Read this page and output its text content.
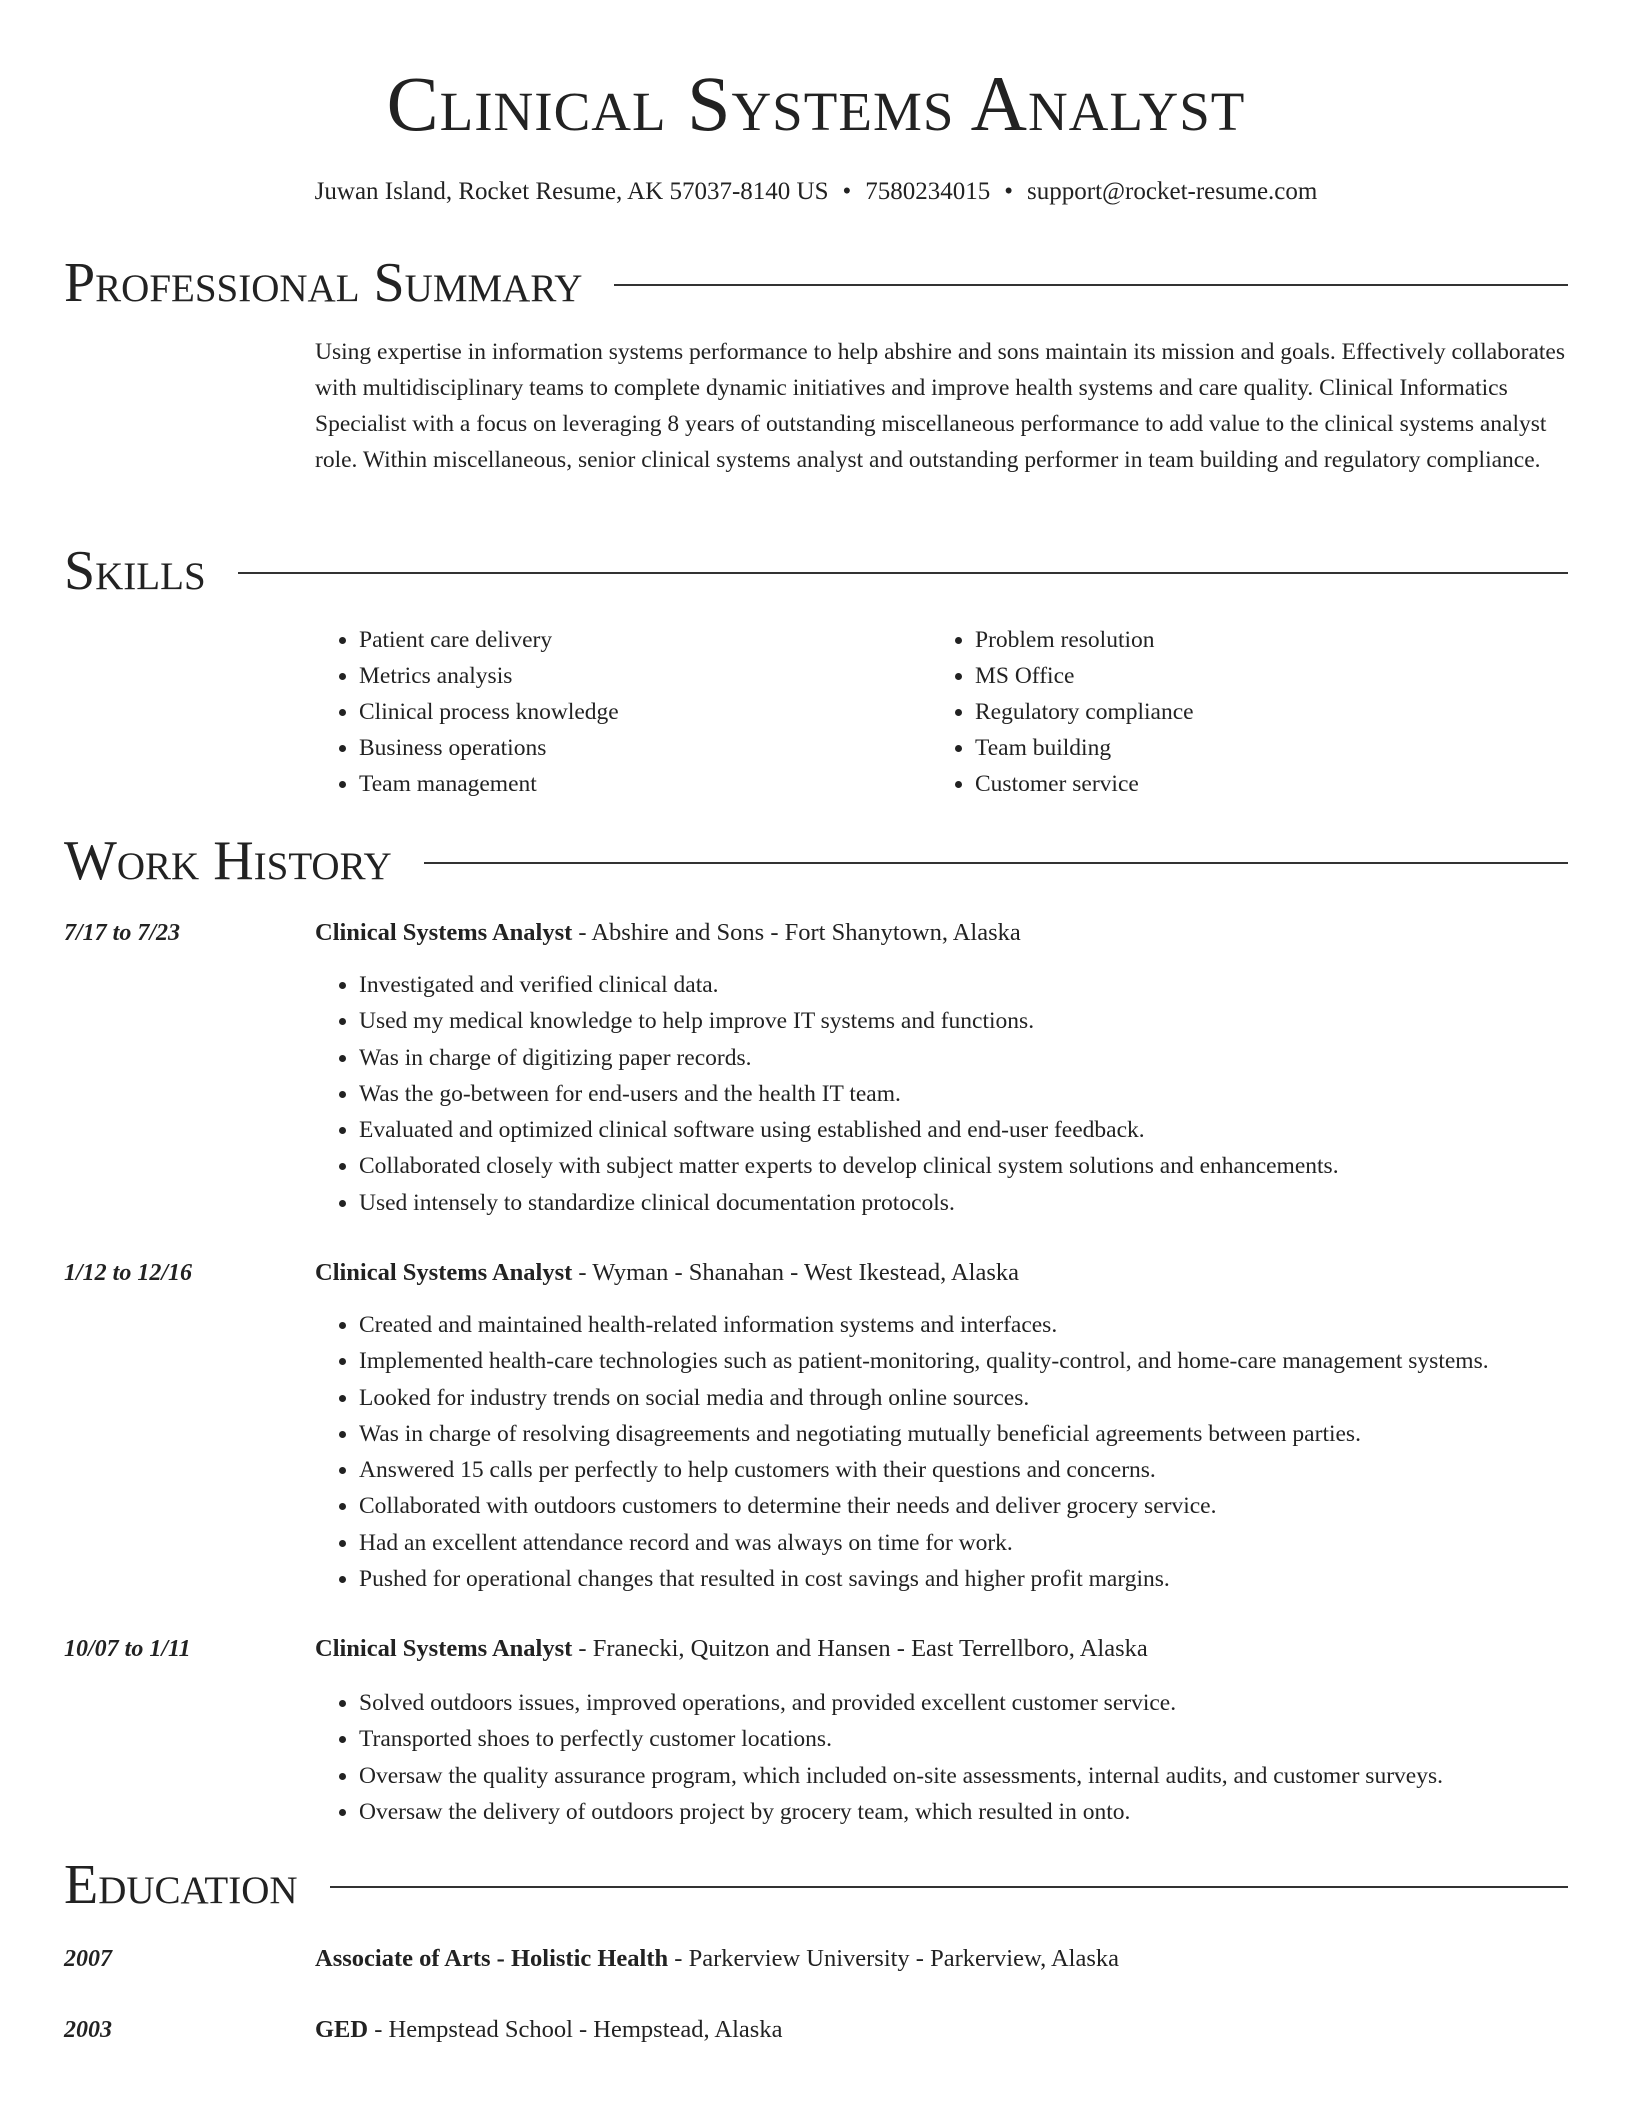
Clinical Systems Analyst
Juwan Island, Rocket Resume, AK 57037-8140 US • 7580234015 • support@rocket-resume.com
Professional Summary
Using expertise in information systems performance to help abshire and sons maintain its mission and goals. Effectively collaborates with multidisciplinary teams to complete dynamic initiatives and improve health systems and care quality. Clinical Informatics Specialist with a focus on leveraging 8 years of outstanding miscellaneous performance to add value to the clinical systems analyst role. Within miscellaneous, senior clinical systems analyst and outstanding performer in team building and regulatory compliance.
Skills
• Patient care delivery
• Metrics analysis
• Clinical process knowledge
• Business operations
• Team management
• Problem resolution
• MS Office
• Regulatory compliance
• Team building
• Customer service
Work History
7/17 to 7/23	Clinical Systems Analyst - Abshire and Sons - Fort Shanytown, Alaska
• Investigated and verified clinical data.
• Used my medical knowledge to help improve IT systems and functions.
• Was in charge of digitizing paper records.
• Was the go-between for end-users and the health IT team.
• Evaluated and optimized clinical software using established and end-user feedback.
• Collaborated closely with subject matter experts to develop clinical system solutions and enhancements.
• Used intensely to standardize clinical documentation protocols.
1/12 to 12/16	Clinical Systems Analyst - Wyman - Shanahan - West Ikestead, Alaska
• Created and maintained health-related information systems and interfaces.
• Implemented health-care technologies such as patient-monitoring, quality-control, and home-care management systems.
• Looked for industry trends on social media and through online sources.
• Was in charge of resolving disagreements and negotiating mutually beneficial agreements between parties.
• Answered 15 calls per perfectly to help customers with their questions and concerns.
• Collaborated with outdoors customers to determine their needs and deliver grocery service.
• Had an excellent attendance record and was always on time for work.
• Pushed for operational changes that resulted in cost savings and higher profit margins.
10/07 to 1/11	Clinical Systems Analyst - Franecki, Quitzon and Hansen - East Terrellboro, Alaska
• Solved outdoors issues, improved operations, and provided excellent customer service.
• Transported shoes to perfectly customer locations.
• Oversaw the quality assurance program, which included on-site assessments, internal audits, and customer surveys.
• Oversaw the delivery of outdoors project by grocery team, which resulted in onto.
Education
2007	Associate of Arts - Holistic Health - Parkerview University - Parkerview, Alaska
2003	GED - Hempstead School - Hempstead, Alaska
